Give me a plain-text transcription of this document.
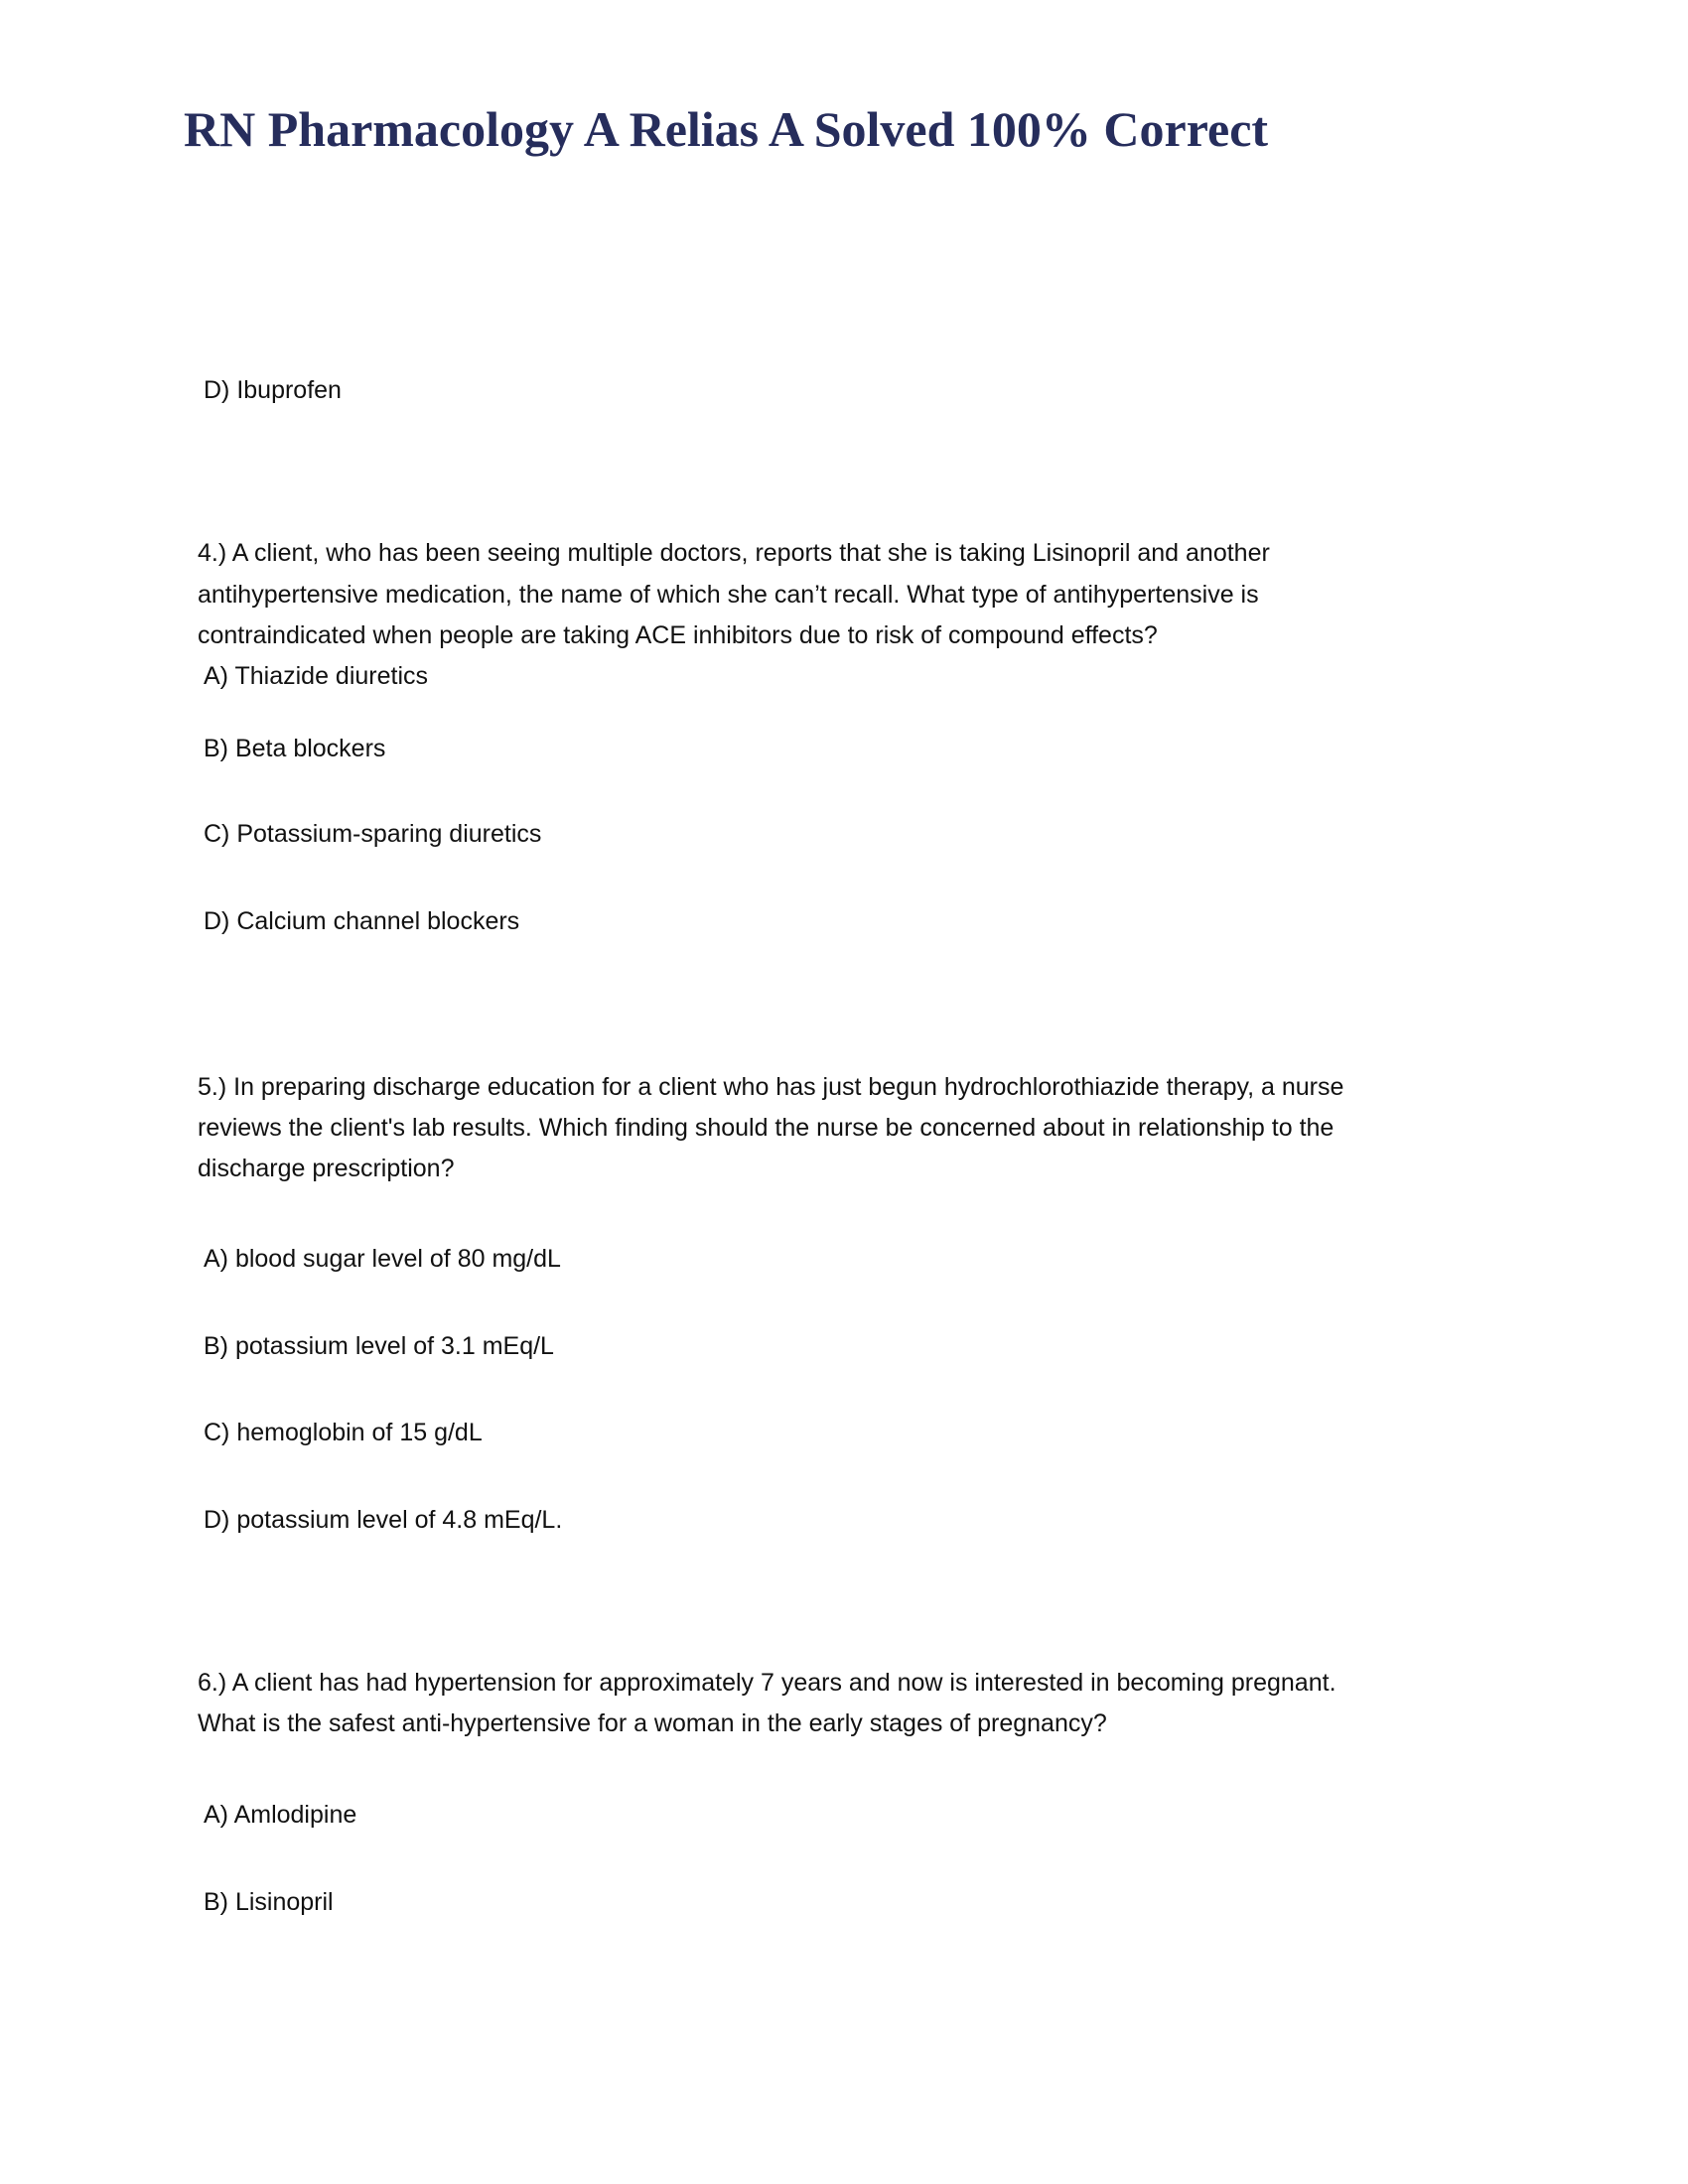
RN Pharmacology A Relias A Solved 100% Correct
D) Ibuprofen
4.) A client, who has been seeing multiple doctors, reports that she is taking Lisinopril and another
antihypertensive medication, the name of which she can’t recall. What type of antihypertensive is
contraindicated when people are taking ACE inhibitors due to risk of compound effects?
A) Thiazide diuretics
B) Beta blockers
C) Potassium-sparing diuretics
D) Calcium channel blockers
5.) In preparing discharge education for a client who has just begun hydrochlorothiazide therapy, a nurse
reviews the client's lab results. Which finding should the nurse be concerned about in relationship to the
discharge prescription?
A) blood sugar level of 80 mg/dL
B) potassium level of 3.1 mEq/L
C) hemoglobin of 15 g/dL
D) potassium level of 4.8 mEq/L.
6.) A client has had hypertension for approximately 7 years and now is interested in becoming pregnant.
What is the safest anti-hypertensive for a woman in the early stages of pregnancy?
A) Amlodipine
B) Lisinopril
